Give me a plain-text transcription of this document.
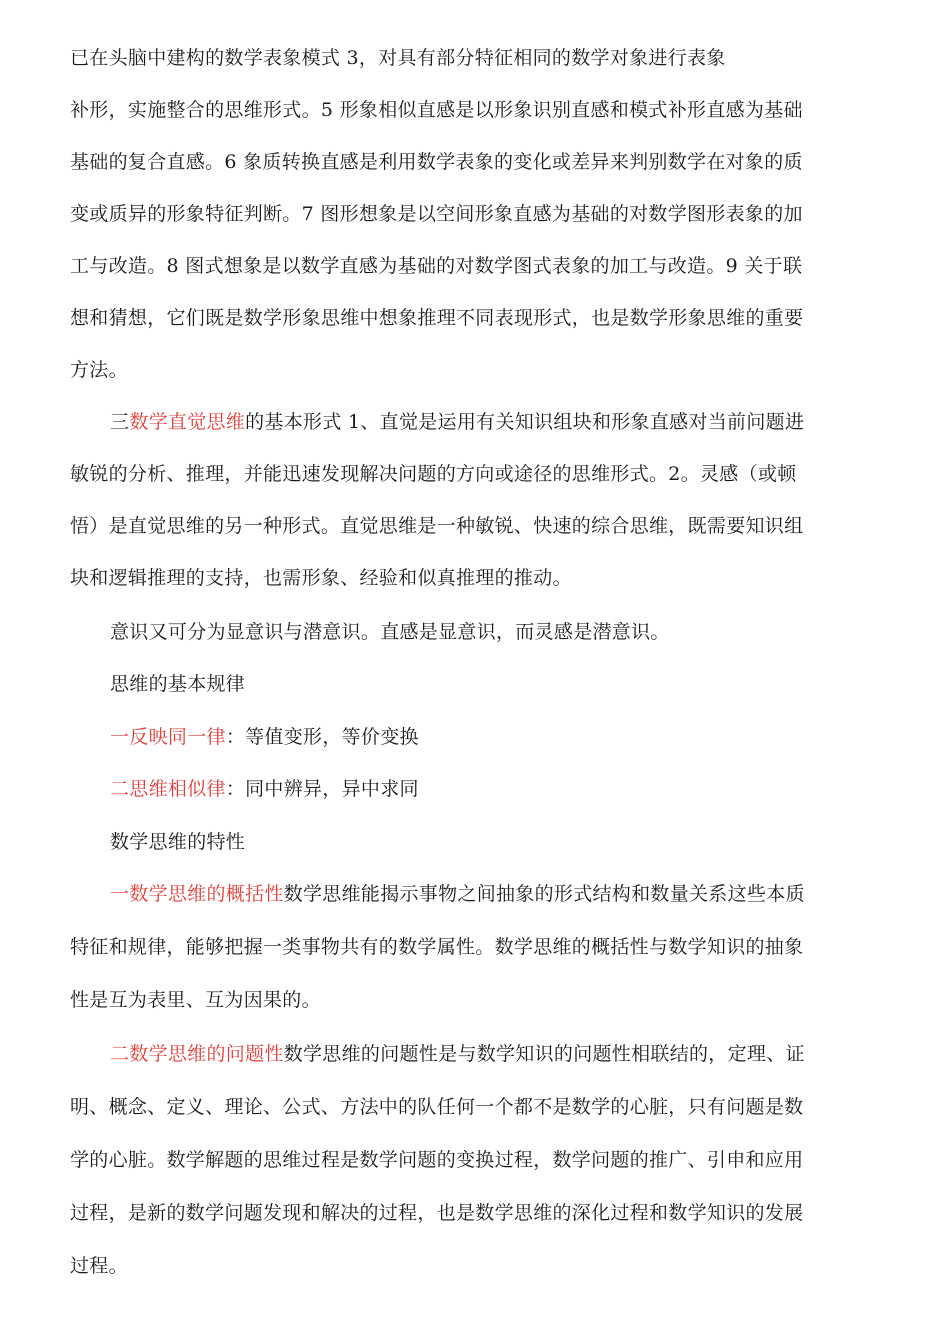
已在头脑中建构的数学表象模式 3，对具有部分特征相同的数学对象进行表象
补形，实施整合的思维形式。5 形象相似直感是以形象识别直感和模式补形直感为基础
基础的复合直感。6 象质转换直感是利用数学表象的变化或差异来判别数学在对象的质
变或质异的形象特征判断。7 图形想象是以空间形象直感为基础的对数学图形表象的加
工与改造。8 图式想象是以数学直感为基础的对数学图式表象的加工与改造。9 关于联
想和猜想，它们既是数学形象思维中想象推理不同表现形式，也是数学形象思维的重要
方法。
三数学直觉思维的基本形式 1、直觉是运用有关知识组块和形象直感对当前问题进
敏锐的分析、推理，并能迅速发现解决问题的方向或途径的思维形式。2。灵感（或顿
悟）是直觉思维的另一种形式。直觉思维是一种敏锐、快速的综合思维，既需要知识组
块和逻辑推理的支持，也需形象、经验和似真推理的推动。
意识又可分为显意识与潜意识。直感是显意识，而灵感是潜意识。
思维的基本规律
一反映同一律：等值变形，等价变换
二思维相似律：同中辨异，异中求同
数学思维的特性
一数学思维的概括性数学思维能揭示事物之间抽象的形式结构和数量关系这些本质
特征和规律，能够把握一类事物共有的数学属性。数学思维的概括性与数学知识的抽象
性是互为表里、互为因果的。
二数学思维的问题性数学思维的问题性是与数学知识的问题性相联结的，定理、证
明、概念、定义、理论、公式、方法中的队任何一个都不是数学的心脏，只有问题是数
学的心脏。数学解题的思维过程是数学问题的变换过程，数学问题的推广、引申和应用
过程，是新的数学问题发现和解决的过程，也是数学思维的深化过程和数学知识的发展
过程。
